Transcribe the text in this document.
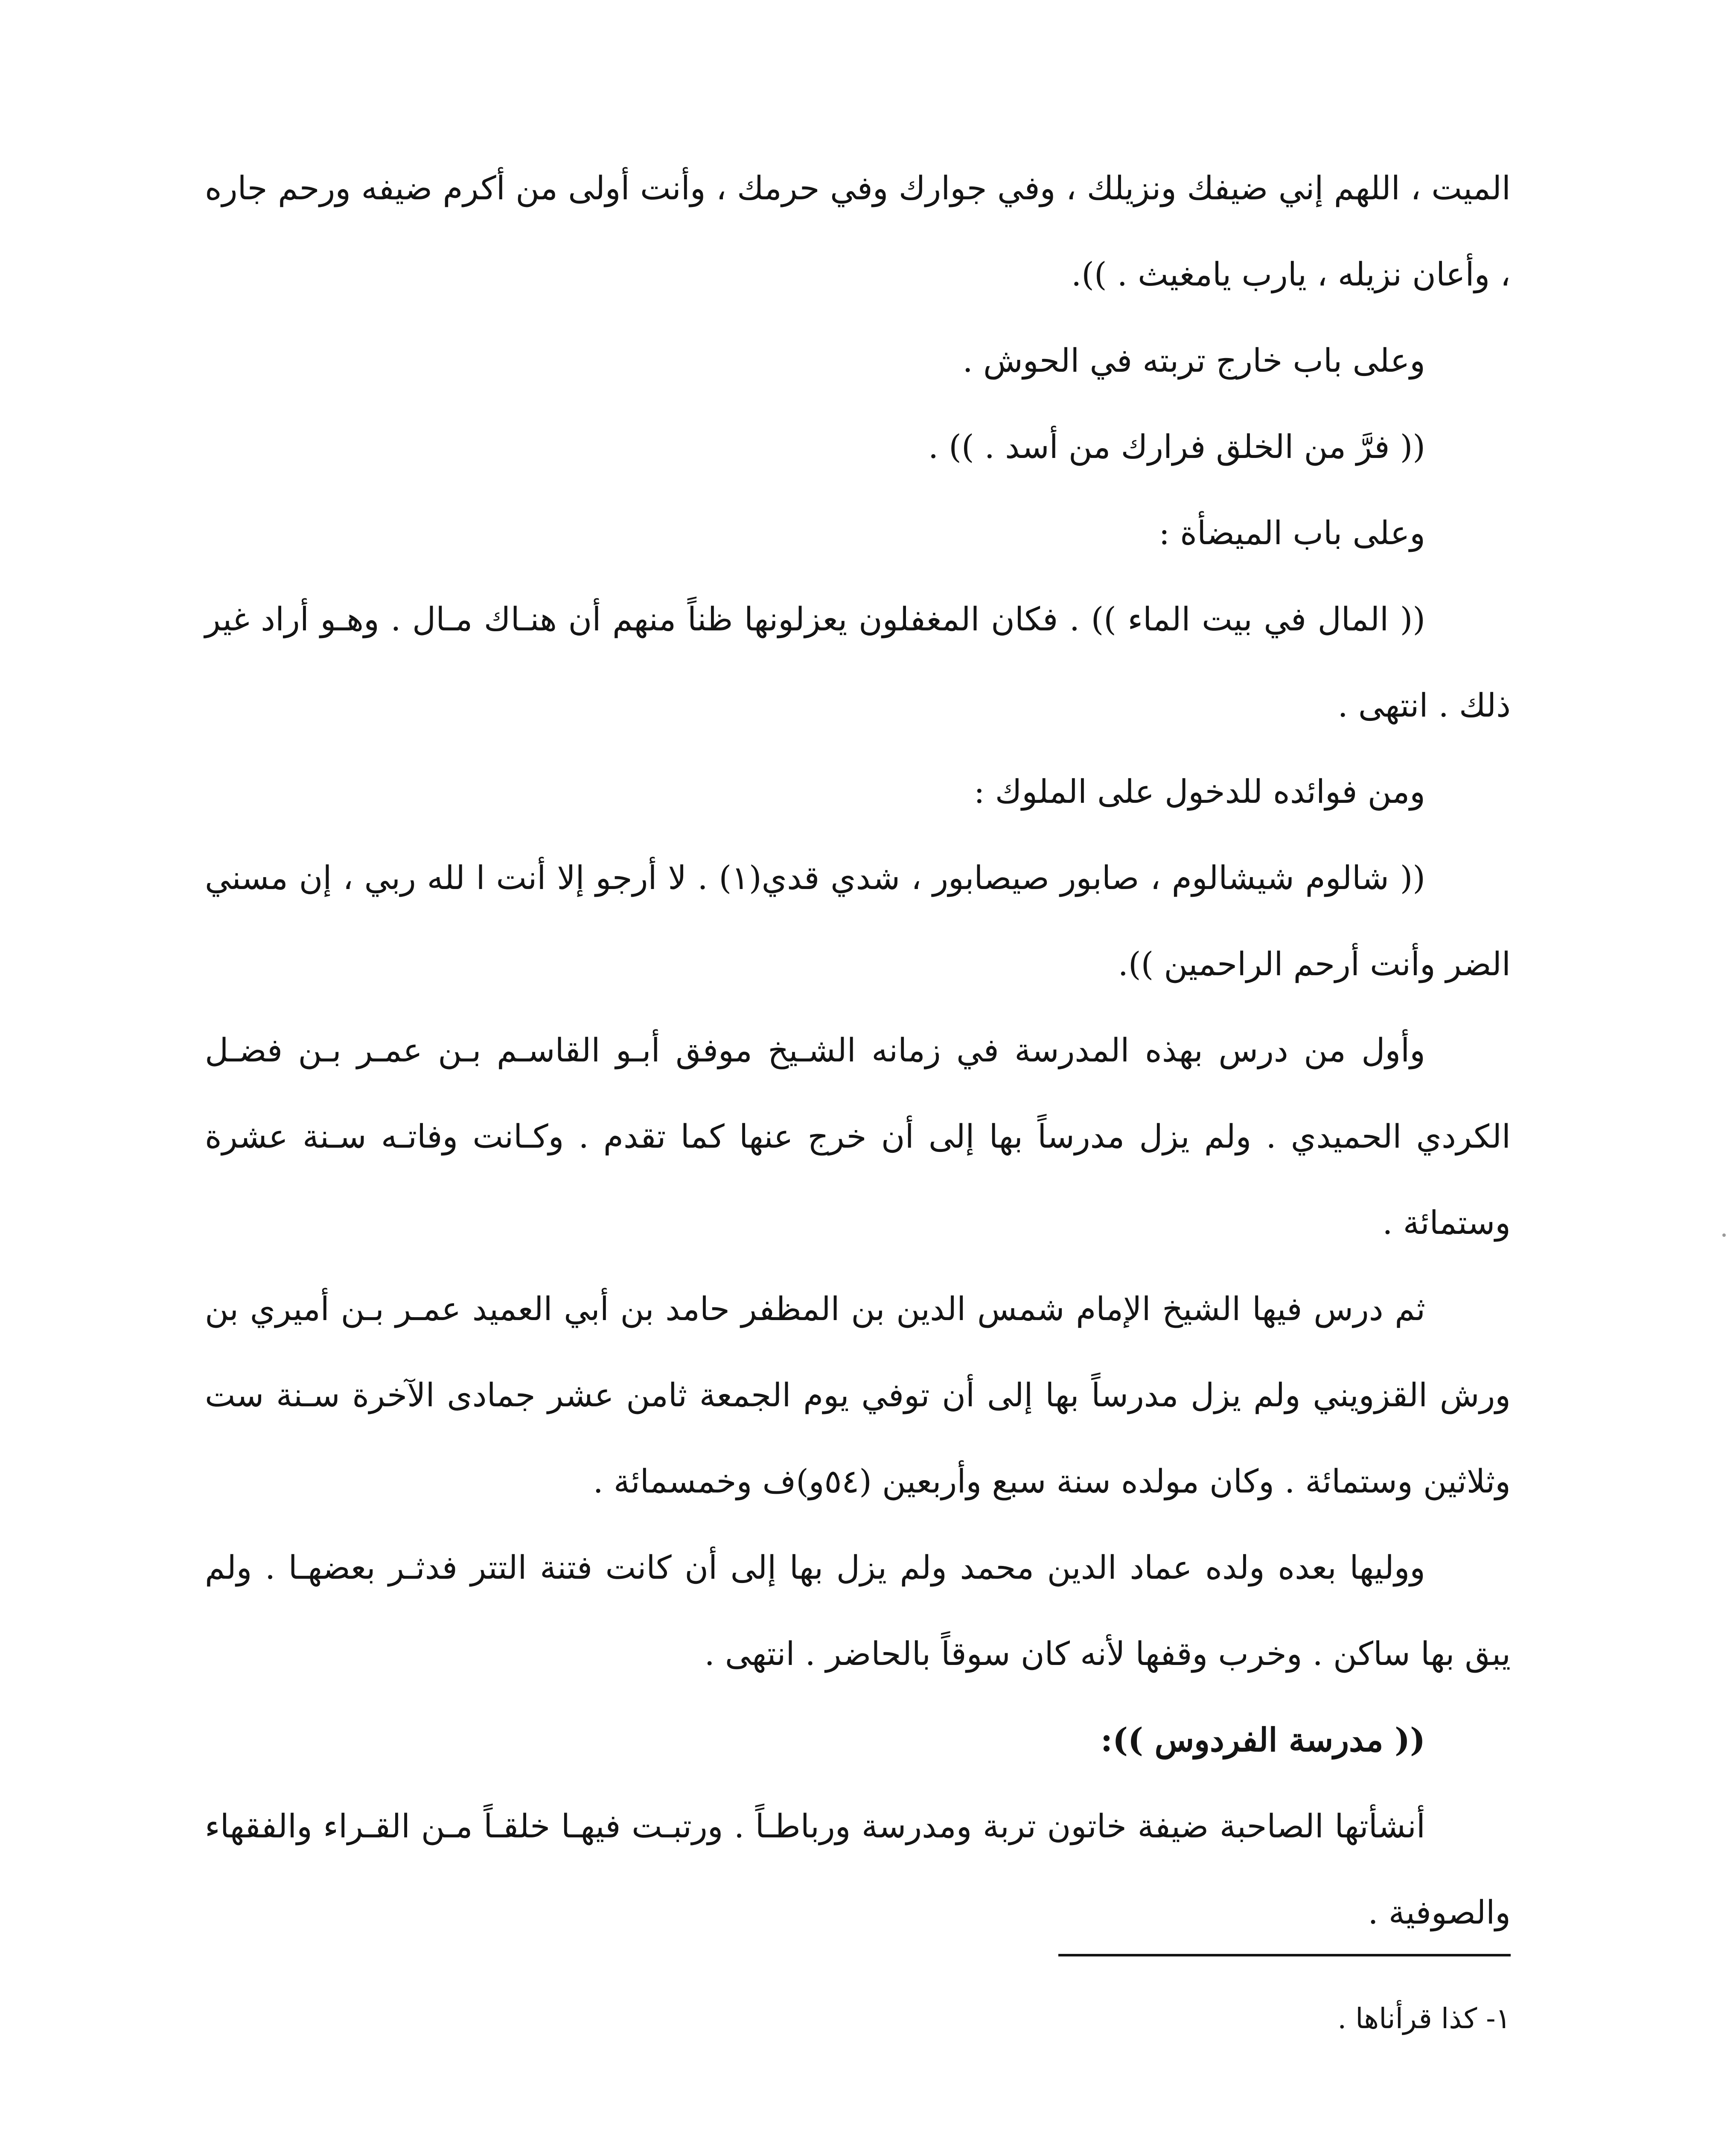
الميت ، اللهم إني ضيفك ونزيلك ، وفي جوارك وفي حرمك ، وأنت أولى من أكرم ضيفه ورحم جاره ، وأعان نزيله ، يارب يامغيث . )).

وعلى باب خارج تربته في الحوش .

(( فرَّ من الخلق فرارك من أسد . )) .

وعلى باب الميضأة :

(( المال في بيت الماء )) . فكان المغفلون يعزلونها ظناً منهم أن هنـاك مـال . وهـو أراد غير ذلك . انتهى .

ومن فوائده للدخول على الملوك :

(( شالوم شيشالوم ، صابور صيصابور ، شدي قدي(١) . لا أرجو إلا أنت ا لله ربي ، إن مسني الضر وأنت أرحم الراحمين )).

وأول من درس بهذه المدرسة في زمانه الشـيخ موفق أبـو القاسـم بـن عمـر بـن فضـل الكردي الحميدي . ولم يزل مدرساً بها إلى أن خرج عنها كما تقدم . وكـانت وفاتـه سـنة عشرة وستمائة .

ثم درس فيها الشيخ الإمام شمس الدين بن المظفر حامد بن أبي العميد عمـر بـن أميري بن ورش القزويني ولم يزل مدرساً بها إلى أن توفي يوم الجمعة ثامن عشر جمادى الآخرة سـنة ست وثلاثين وستمائة . وكان مولده سنة سبع وأربعين (٥٤و)ف وخمسمائة .

ووليها بعده ولده عماد الدين محمد ولم يزل بها إلى أن كانت فتنة التتر فدثـر بعضهـا . ولم يبق بها ساكن . وخرب وقفها لأنه كان سوقاً بالحاضر . انتهى .

(( مدرسة الفردوس )):

أنشأتها الصاحبة ضيفة خاتون تربة ومدرسة ورباطـاً . ورتبـت فيهـا خلقـاً مـن القـراء والفقهاء والصوفية .

١- كذا قرأناها .
